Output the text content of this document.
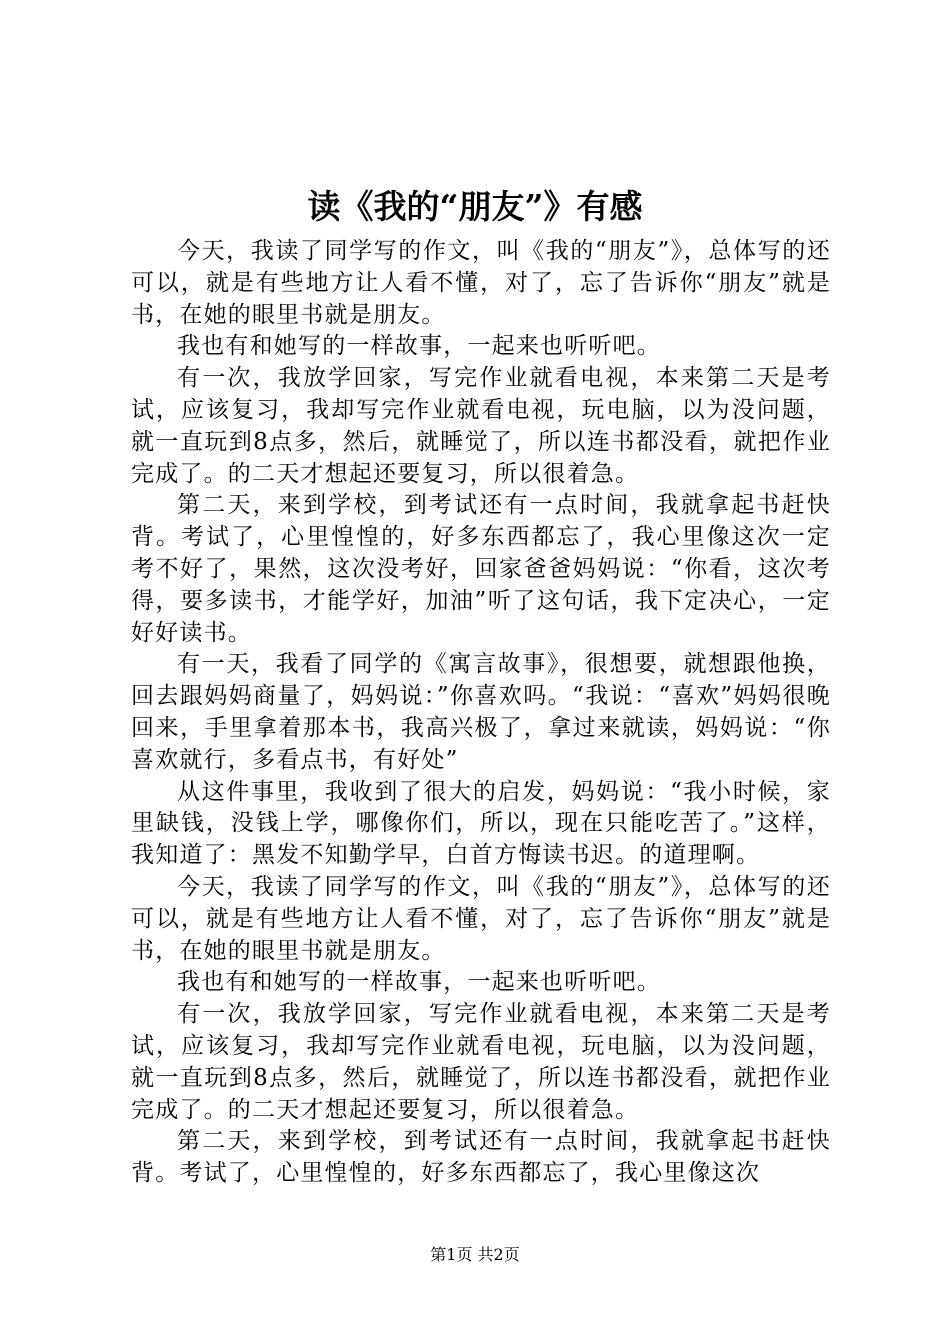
读《我的“朋友”》有感

今天，我读了同学写的作文，叫《我的“朋友”》，总体写的还可以，就是有些地方让人看不懂，对了，忘了告诉你“朋友”就是书，在她的眼里书就是朋友。

我也有和她写的一样故事，一起来也听听吧。

有一次，我放学回家，写完作业就看电视，本来第二天是考试，应该复习，我却写完作业就看电视，玩电脑，以为没问题，就一直玩到8点多，然后，就睡觉了，所以连书都没看，就把作业完成了。的二天才想起还要复习，所以很着急。

第二天，来到学校，到考试还有一点时间，我就拿起书赶快背。考试了，心里惶惶的，好多东西都忘了，我心里像这次一定考不好了，果然，这次没考好，回家爸爸妈妈说：“你看，这次考得，要多读书，才能学好，加油”听了这句话，我下定决心，一定好好读书。

有一天，我看了同学的《寓言故事》，很想要，就想跟他换，回去跟妈妈商量了，妈妈说：”你喜欢吗。“我说：“喜欢”妈妈很晚回来，手里拿着那本书，我高兴极了，拿过来就读，妈妈说：“你喜欢就行，多看点书，有好处”

从这件事里，我收到了很大的启发，妈妈说：“我小时候，家里缺钱，没钱上学，哪像你们，所以，现在只能吃苦了。”这样，我知道了：黑发不知勤学早，白首方悔读书迟。的道理啊。

今天，我读了同学写的作文，叫《我的“朋友”》，总体写的还可以，就是有些地方让人看不懂，对了，忘了告诉你“朋友”就是书，在她的眼里书就是朋友。

我也有和她写的一样故事，一起来也听听吧。

有一次，我放学回家，写完作业就看电视，本来第二天是考试，应该复习，我却写完作业就看电视，玩电脑，以为没问题，就一直玩到8点多，然后，就睡觉了，所以连书都没看，就把作业完成了。的二天才想起还要复习，所以很着急。

第二天，来到学校，到考试还有一点时间，我就拿起书赶快背。考试了，心里惶惶的，好多东西都忘了，我心里像这次

第1页 共2页
